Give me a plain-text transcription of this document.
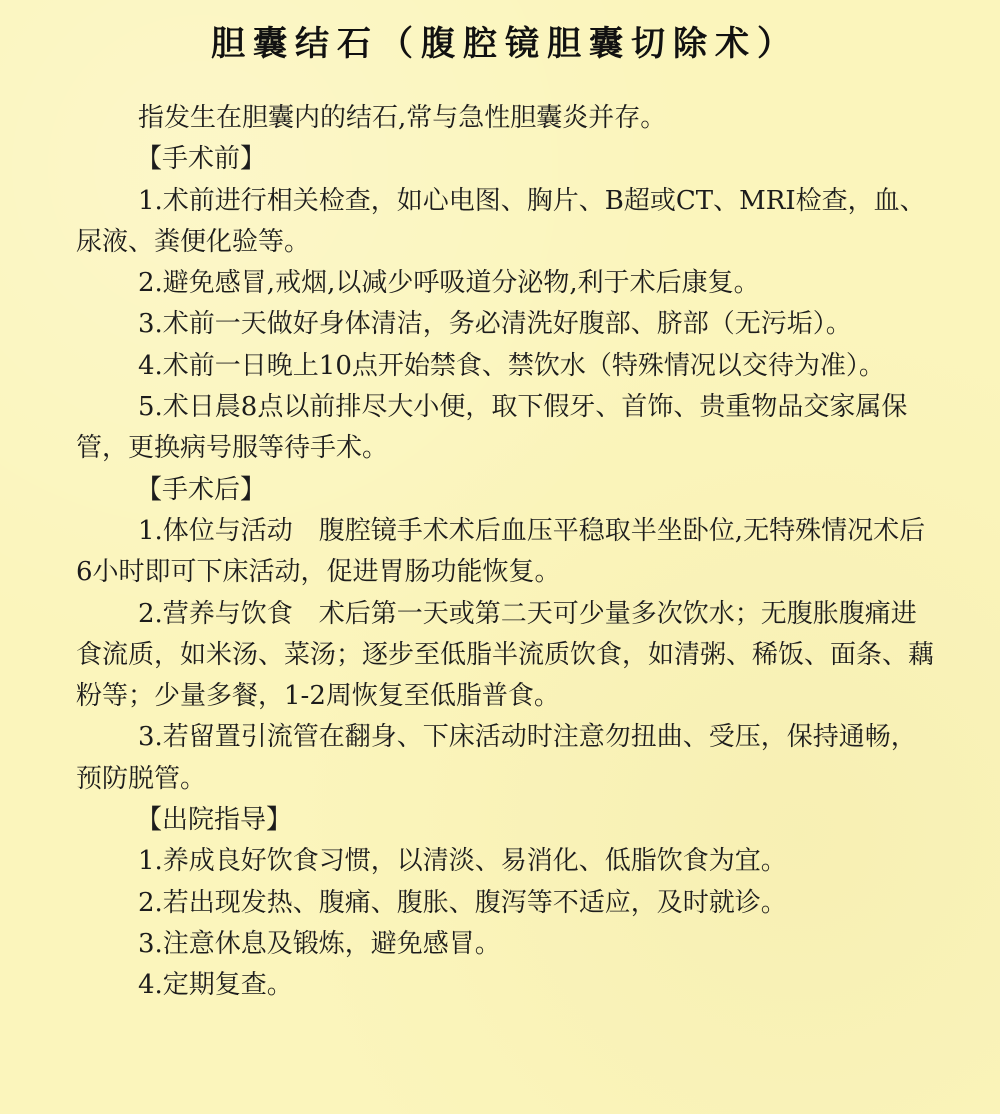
胆囊结石（腹腔镜胆囊切除术）

指发生在胆囊内的结石,常与急性胆囊炎并存。

【手术前】

1.术前进行相关检查，如心电图、胸片、B超或CT、MRI检查，血、尿液、粪便化验等。

2.避免感冒,戒烟,以减少呼吸道分泌物,利于术后康复。

3.术前一天做好身体清洁，务必清洗好腹部、脐部（无污垢）。

4.术前一日晚上10点开始禁食、禁饮水（特殊情况以交待为准）。

5.术日晨8点以前排尽大小便，取下假牙、首饰、贵重物品交家属保管，更换病号服等待手术。

【手术后】

1.体位与活动　腹腔镜手术术后血压平稳取半坐卧位,无特殊情况术后6小时即可下床活动，促进胃肠功能恢复。

2.营养与饮食　术后第一天或第二天可少量多次饮水；无腹胀腹痛进食流质，如米汤、菜汤；逐步至低脂半流质饮食，如清粥、稀饭、面条、藕粉等；少量多餐，1-2周恢复至低脂普食。

3.若留置引流管在翻身、下床活动时注意勿扭曲、受压，保持通畅，预防脱管。

【出院指导】

1.养成良好饮食习惯，以清淡、易消化、低脂饮食为宜。

2.若出现发热、腹痛、腹胀、腹泻等不适应，及时就诊。

3.注意休息及锻炼，避免感冒。

4.定期复查。
